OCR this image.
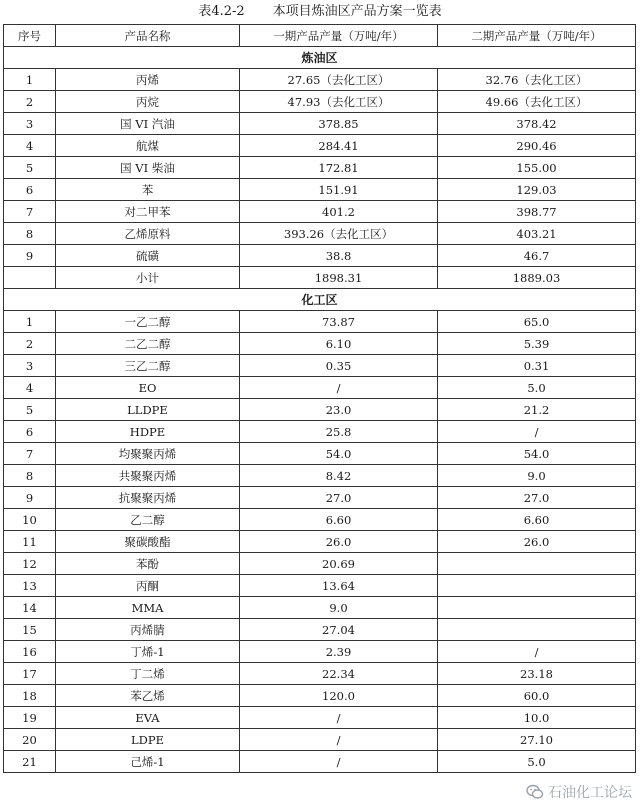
表4.2-2 本项目炼油区产品方案一览表
序号	产品名称	一期产品产量（万吨/年）	二期产品产量（万吨/年）
炼油区			
1	丙烯	27.65（去化工区）	32.76（去化工区）
2	丙烷	47.93（去化工区）	49.66（去化工区）
3	国 VI 汽油	378.85	378.42
4	航煤	284.41	290.46
5	国 VI 柴油	172.81	155.00
6	苯	151.91	129.03
7	对二甲苯	401.2	398.77
8	乙烯原料	393.26（去化工区）	403.21
9	硫磺	38.8	46.7
	小计	1898.31	1889.03
化工区			
1	一乙二醇	73.87	65.0
2	二乙二醇	6.10	5.39
3	三乙二醇	0.35	0.31
4	EO	/	5.0
5	LLDPE	23.0	21.2
6	HDPE	25.8	/
7	均聚聚丙烯	54.0	54.0
8	共聚聚丙烯	8.42	9.0
9	抗聚聚丙烯	27.0	27.0
10	乙二醇	6.60	6.60
11	聚碳酸酯	26.0	26.0
12	苯酚	20.69	
13	丙酮	13.64	
14	MMA	9.0	
15	丙烯腈	27.04	
16	丁烯-1	2.39	/
17	丁二烯	22.34	23.18
18	苯乙烯	120.0	60.0
19	EVA	/	10.0
20	LDPE	/	27.10
21	己烯-1	/	5.0
石油化工论坛
